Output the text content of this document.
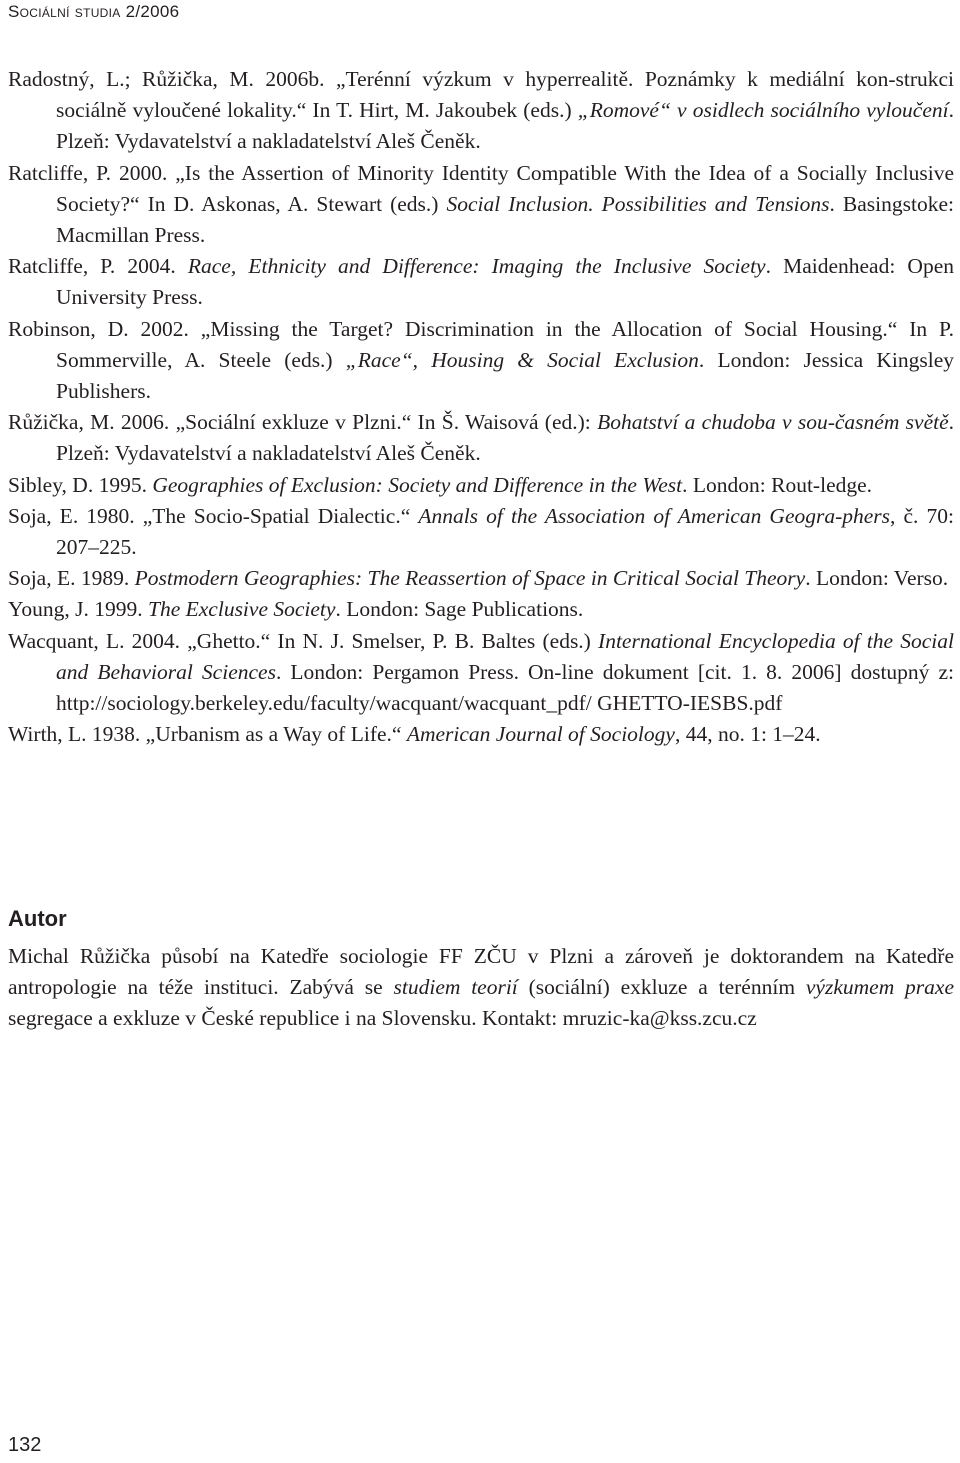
Sociální studia 2/2006

Radostný, L.; Růžička, M. 2006b. „Terénní výzkum v hyperrealitě. Poznámky k mediální kon-strukci sociálně vyloučené lokality.“ In T. Hirt, M. Jakoubek (eds.) „Romové“ v osidlech sociálního vyloučení. Plzeň: Vydavatelství a nakladatelství Aleš Čeněk.

Ratcliffe, P. 2000. „Is the Assertion of Minority Identity Compatible With the Idea of a Socially Inclusive Society?“ In D. Askonas, A. Stewart (eds.) Social Inclusion. Possibilities and Tensions. Basingstoke: Macmillan Press.

Ratcliffe, P. 2004. Race, Ethnicity and Difference: Imaging the Inclusive Society. Maidenhead: Open University Press.

Robinson, D. 2002. „Missing the Target? Discrimination in the Allocation of Social Housing.“ In P. Sommerville, A. Steele (eds.) „Race“, Housing & Social Exclusion. London: Jessica Kingsley Publishers.

Růžička, M. 2006. „Sociální exkluze v Plzni.“ In Š. Waisová (ed.): Bohatství a chudoba v sou-časném světě. Plzeň: Vydavatelství a nakladatelství Aleš Čeněk.

Sibley, D. 1995. Geographies of Exclusion: Society and Difference in the West. London: Rout-ledge.

Soja, E. 1980. „The Socio-Spatial Dialectic.“ Annals of the Association of American Geogra-phers, č. 70: 207–225.

Soja, E. 1989. Postmodern Geographies: The Reassertion of Space in Critical Social Theory. London: Verso.

Young, J. 1999. The Exclusive Society. London: Sage Publications.

Wacquant, L. 2004. „Ghetto.“ In N. J. Smelser, P. B. Baltes (eds.) International Encyclopedia of the Social and Behavioral Sciences. London: Pergamon Press. On-line dokument [cit. 1. 8. 2006] dostupný z: http://sociology.berkeley.edu/faculty/wacquant/wacquant_pdf/ GHETTO-IESBS.pdf

Wirth, L. 1938. „Urbanism as a Way of Life.“ American Journal of Sociology, 44, no. 1: 1–24.

Autor

Michal Růžička působí na Katedře sociologie FF ZČU v Plzni a zároveň je doktorandem na Katedře antropologie na téže instituci. Zabývá se studiem teorií (sociální) exkluze a terénním výzkumem praxe segregace a exkluze v České republice i na Slovensku. Kontakt: mruzic-ka@kss.zcu.cz

132
